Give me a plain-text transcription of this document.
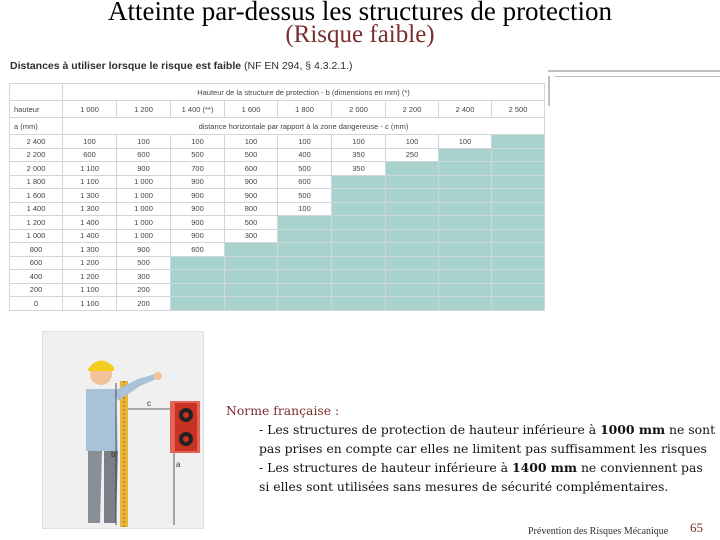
Atteinte par-dessus les structures de protection
(Risque faible)
Distances à utiliser lorsque le risque est faible (NF EN 294, § 4.3.2.1.)
	Hauteur de la structure de protection - b (dimensions en mm) (*)								
hauteur	1 000	1 200	1 400 (**)	1 600	1 800	2 000	2 200	2 400	2 500
a (mm)	distance horizontale par rapport à la zone dangereuse - c (mm)								
2 400	100	100	100	100	100	100	100	100	
2 200	600	600	500	500	400	350	250		
2 000	1 100	900	700	600	500	350			
1 800	1 100	1 000	900	900	600				
1 600	1 300	1 000	900	900	500				
1 400	1 300	1 000	900	800	100				
1 200	1 400	1 000	900	500					
1 000	1 400	1 000	900	300					
800	1 300	900	600						
600	1 200	500							
400	1 200	300							
200	1 100	200							
0	1 100	200							
c
b
a
Norme française :
- Les structures de protection de hauteur inférieure à 1000 mm ne sont
pas prises en compte car elles ne limitent pas suffisamment les risques
- Les structures de hauteur inférieure à 1400 mm ne conviennent pas
si elles sont utilisées sans mesures de sécurité complémentaires.
Prévention des Risques Mécanique 65
